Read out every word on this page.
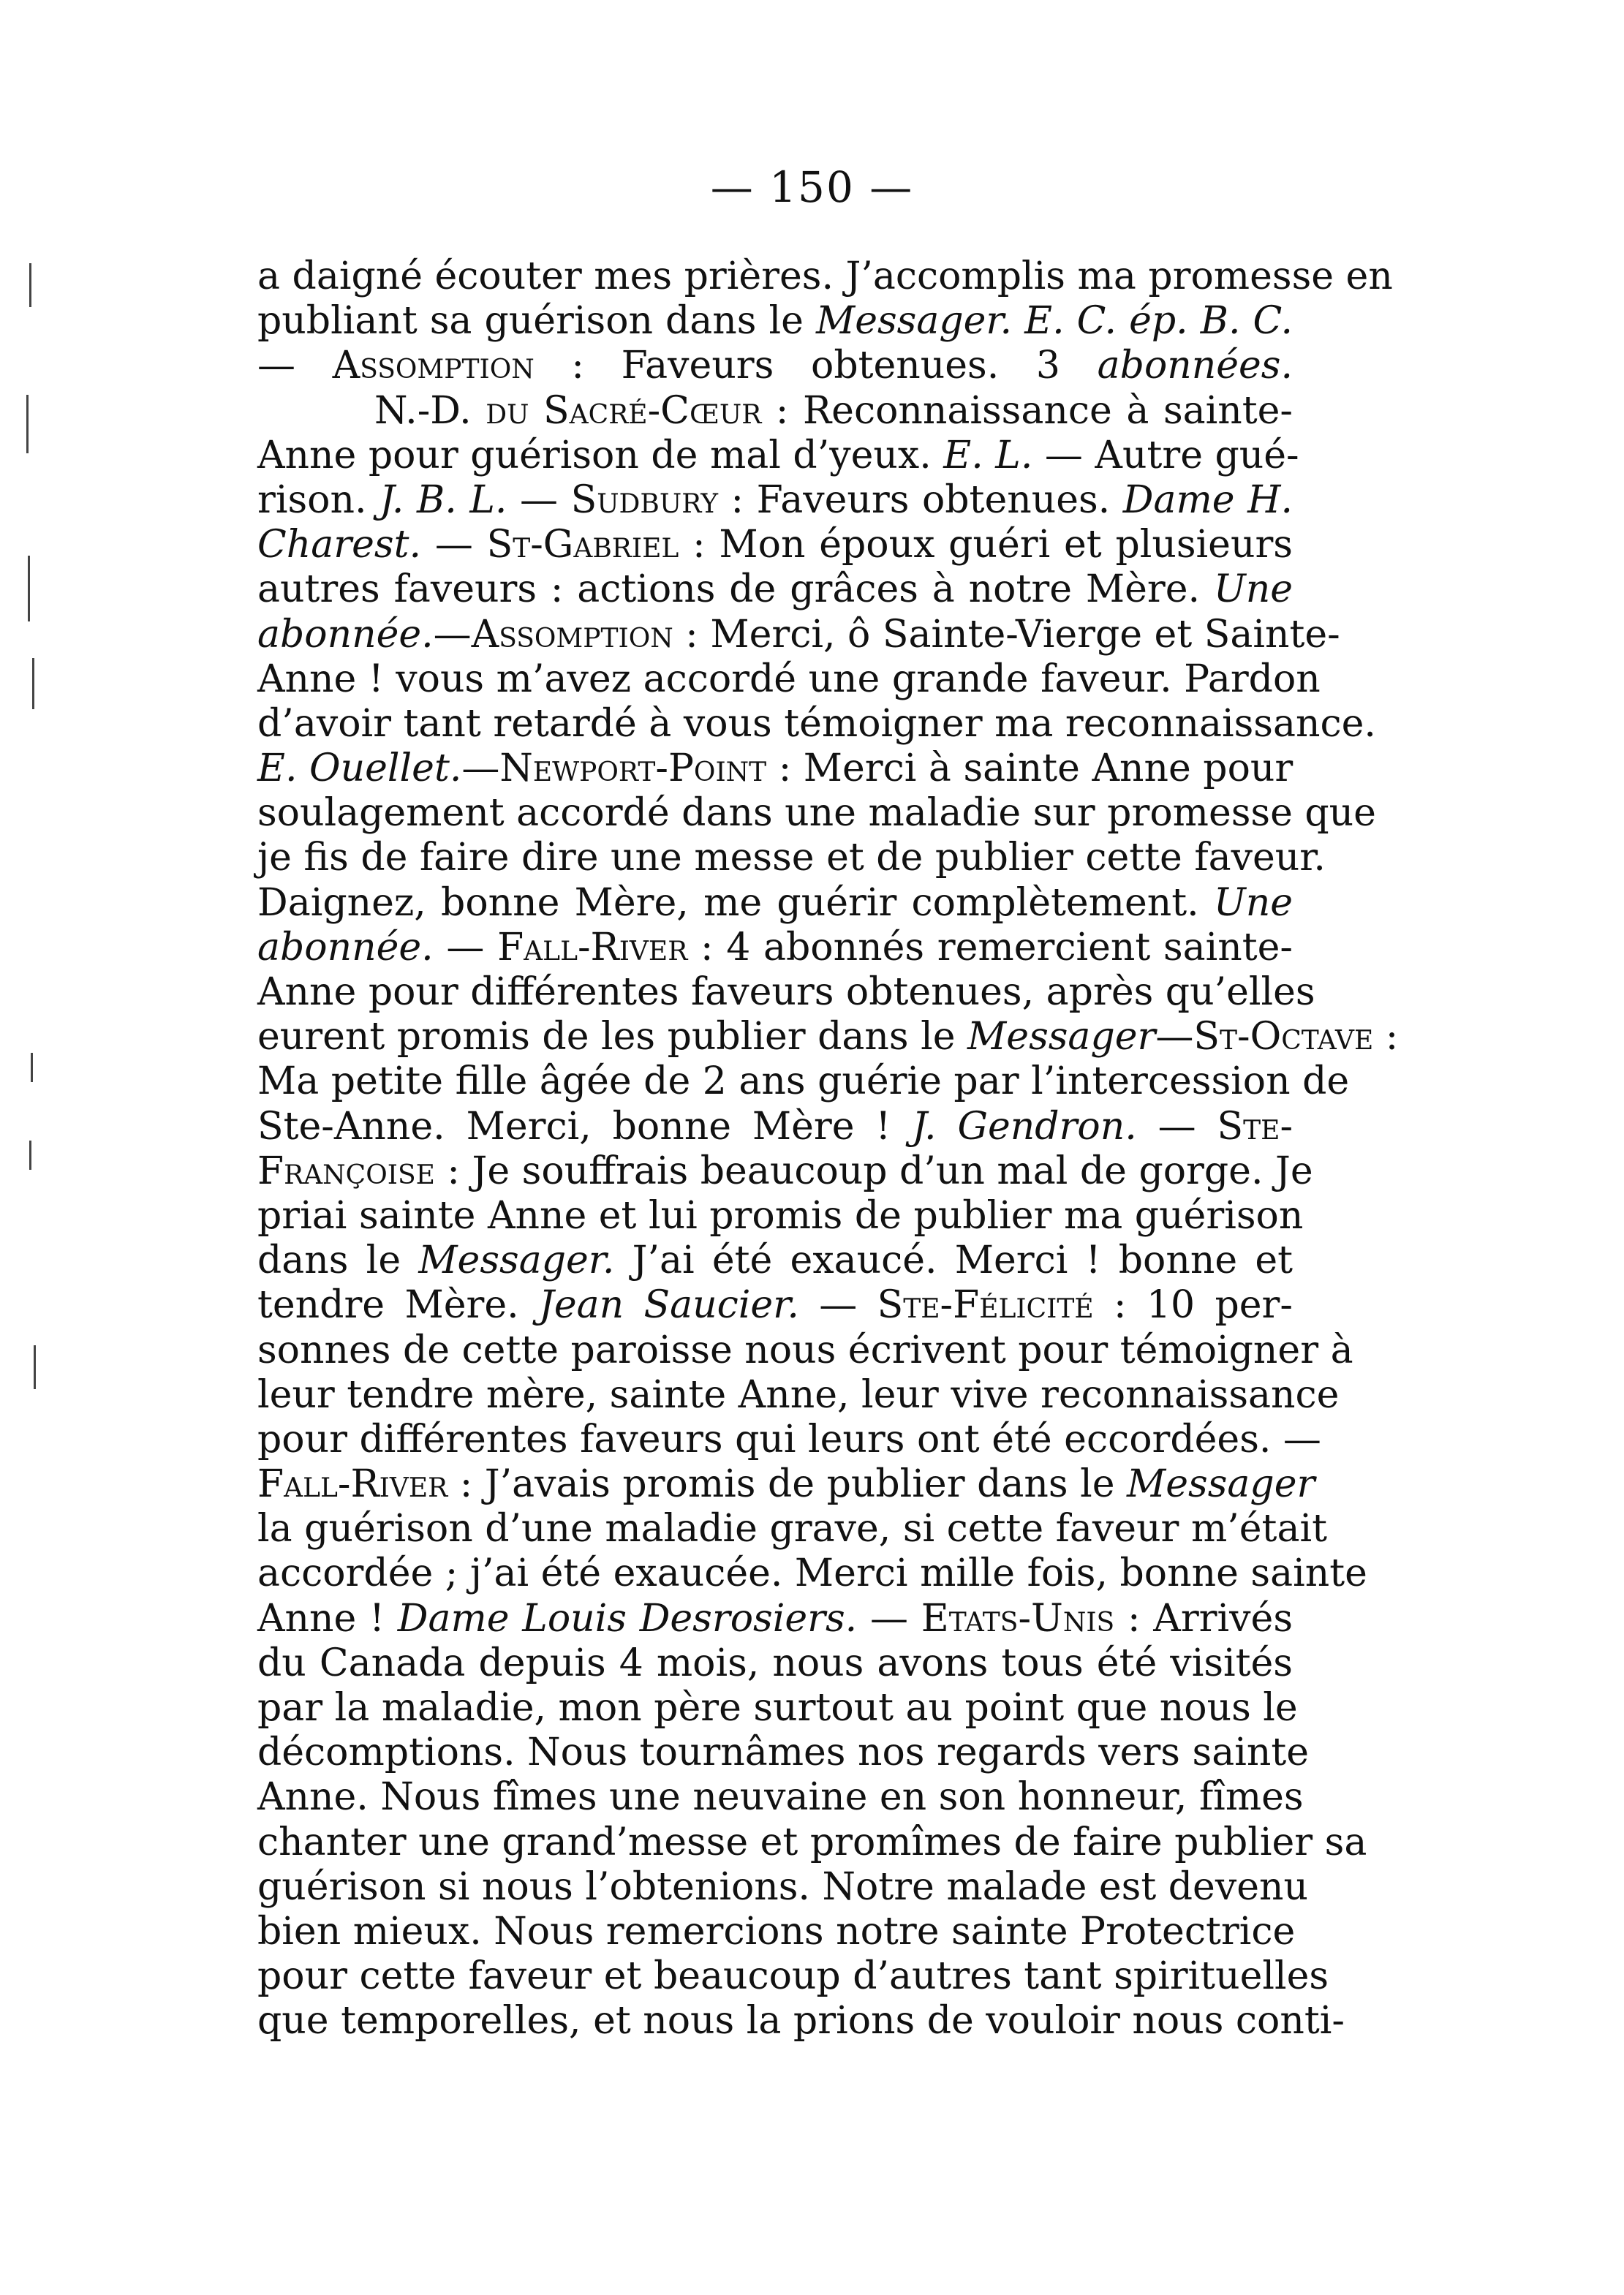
— 150 —
a daigné écouter mes prières. J’accomplis ma promesse en
publiant sa guérison dans le Messager. E. C. ép. B. C.
— Assomption : Faveurs obtenues. 3 abonnées.
N.-D. du Sacré-Cœur : Reconnaissance à sainte-
Anne pour guérison de mal d’yeux. E. L. — Autre gué-
rison. J. B. L. — Sudbury : Faveurs obtenues. Dame H.
Charest. — St-Gabriel : Mon époux guéri et plusieurs
autres faveurs : actions de grâces à notre Mère. Une
abonnée.—Assomption : Merci, ô Sainte-Vierge et Sainte-
Anne ! vous m’avez accordé une grande faveur. Pardon
d’avoir tant retardé à vous témoigner ma reconnaissance.
E. Ouellet.—Newport-Point : Merci à sainte Anne pour
soulagement accordé dans une maladie sur promesse que
je fis de faire dire une messe et de publier cette faveur.
Daignez, bonne Mère, me guérir complètement. Une
abonnée. — Fall-River : 4 abonnés remercient sainte-
Anne pour différentes faveurs obtenues, après qu’elles
eurent promis de les publier dans le Messager—St-Octave :
Ma petite fille âgée de 2 ans guérie par l’intercession de
Ste-Anne. Merci, bonne Mère ! J. Gendron. — Ste-
Françoise : Je souffrais beaucoup d’un mal de gorge. Je
priai sainte Anne et lui promis de publier ma guérison
dans le Messager. J’ai été exaucé. Merci ! bonne et
tendre Mère. Jean Saucier. — Ste-Félicité : 10 per-
sonnes de cette paroisse nous écrivent pour témoigner à
leur tendre mère, sainte Anne, leur vive reconnaissance
pour différentes faveurs qui leurs ont été eccordées. —
Fall-River : J’avais promis de publier dans le Messager
la guérison d’une maladie grave, si cette faveur m’était
accordée ; j’ai été exaucée. Merci mille fois, bonne sainte
Anne ! Dame Louis Desrosiers. — Etats-Unis : Arrivés
du Canada depuis 4 mois, nous avons tous été visités
par la maladie, mon père surtout au point que nous le
décomptions. Nous tournâmes nos regards vers sainte
Anne. Nous fîmes une neuvaine en son honneur, fîmes
chanter une grand’messe et promîmes de faire publier sa
guérison si nous l’obtenions. Notre malade est devenu
bien mieux. Nous remercions notre sainte Protectrice
pour cette faveur et beaucoup d’autres tant spirituelles
que temporelles, et nous la prions de vouloir nous conti-
